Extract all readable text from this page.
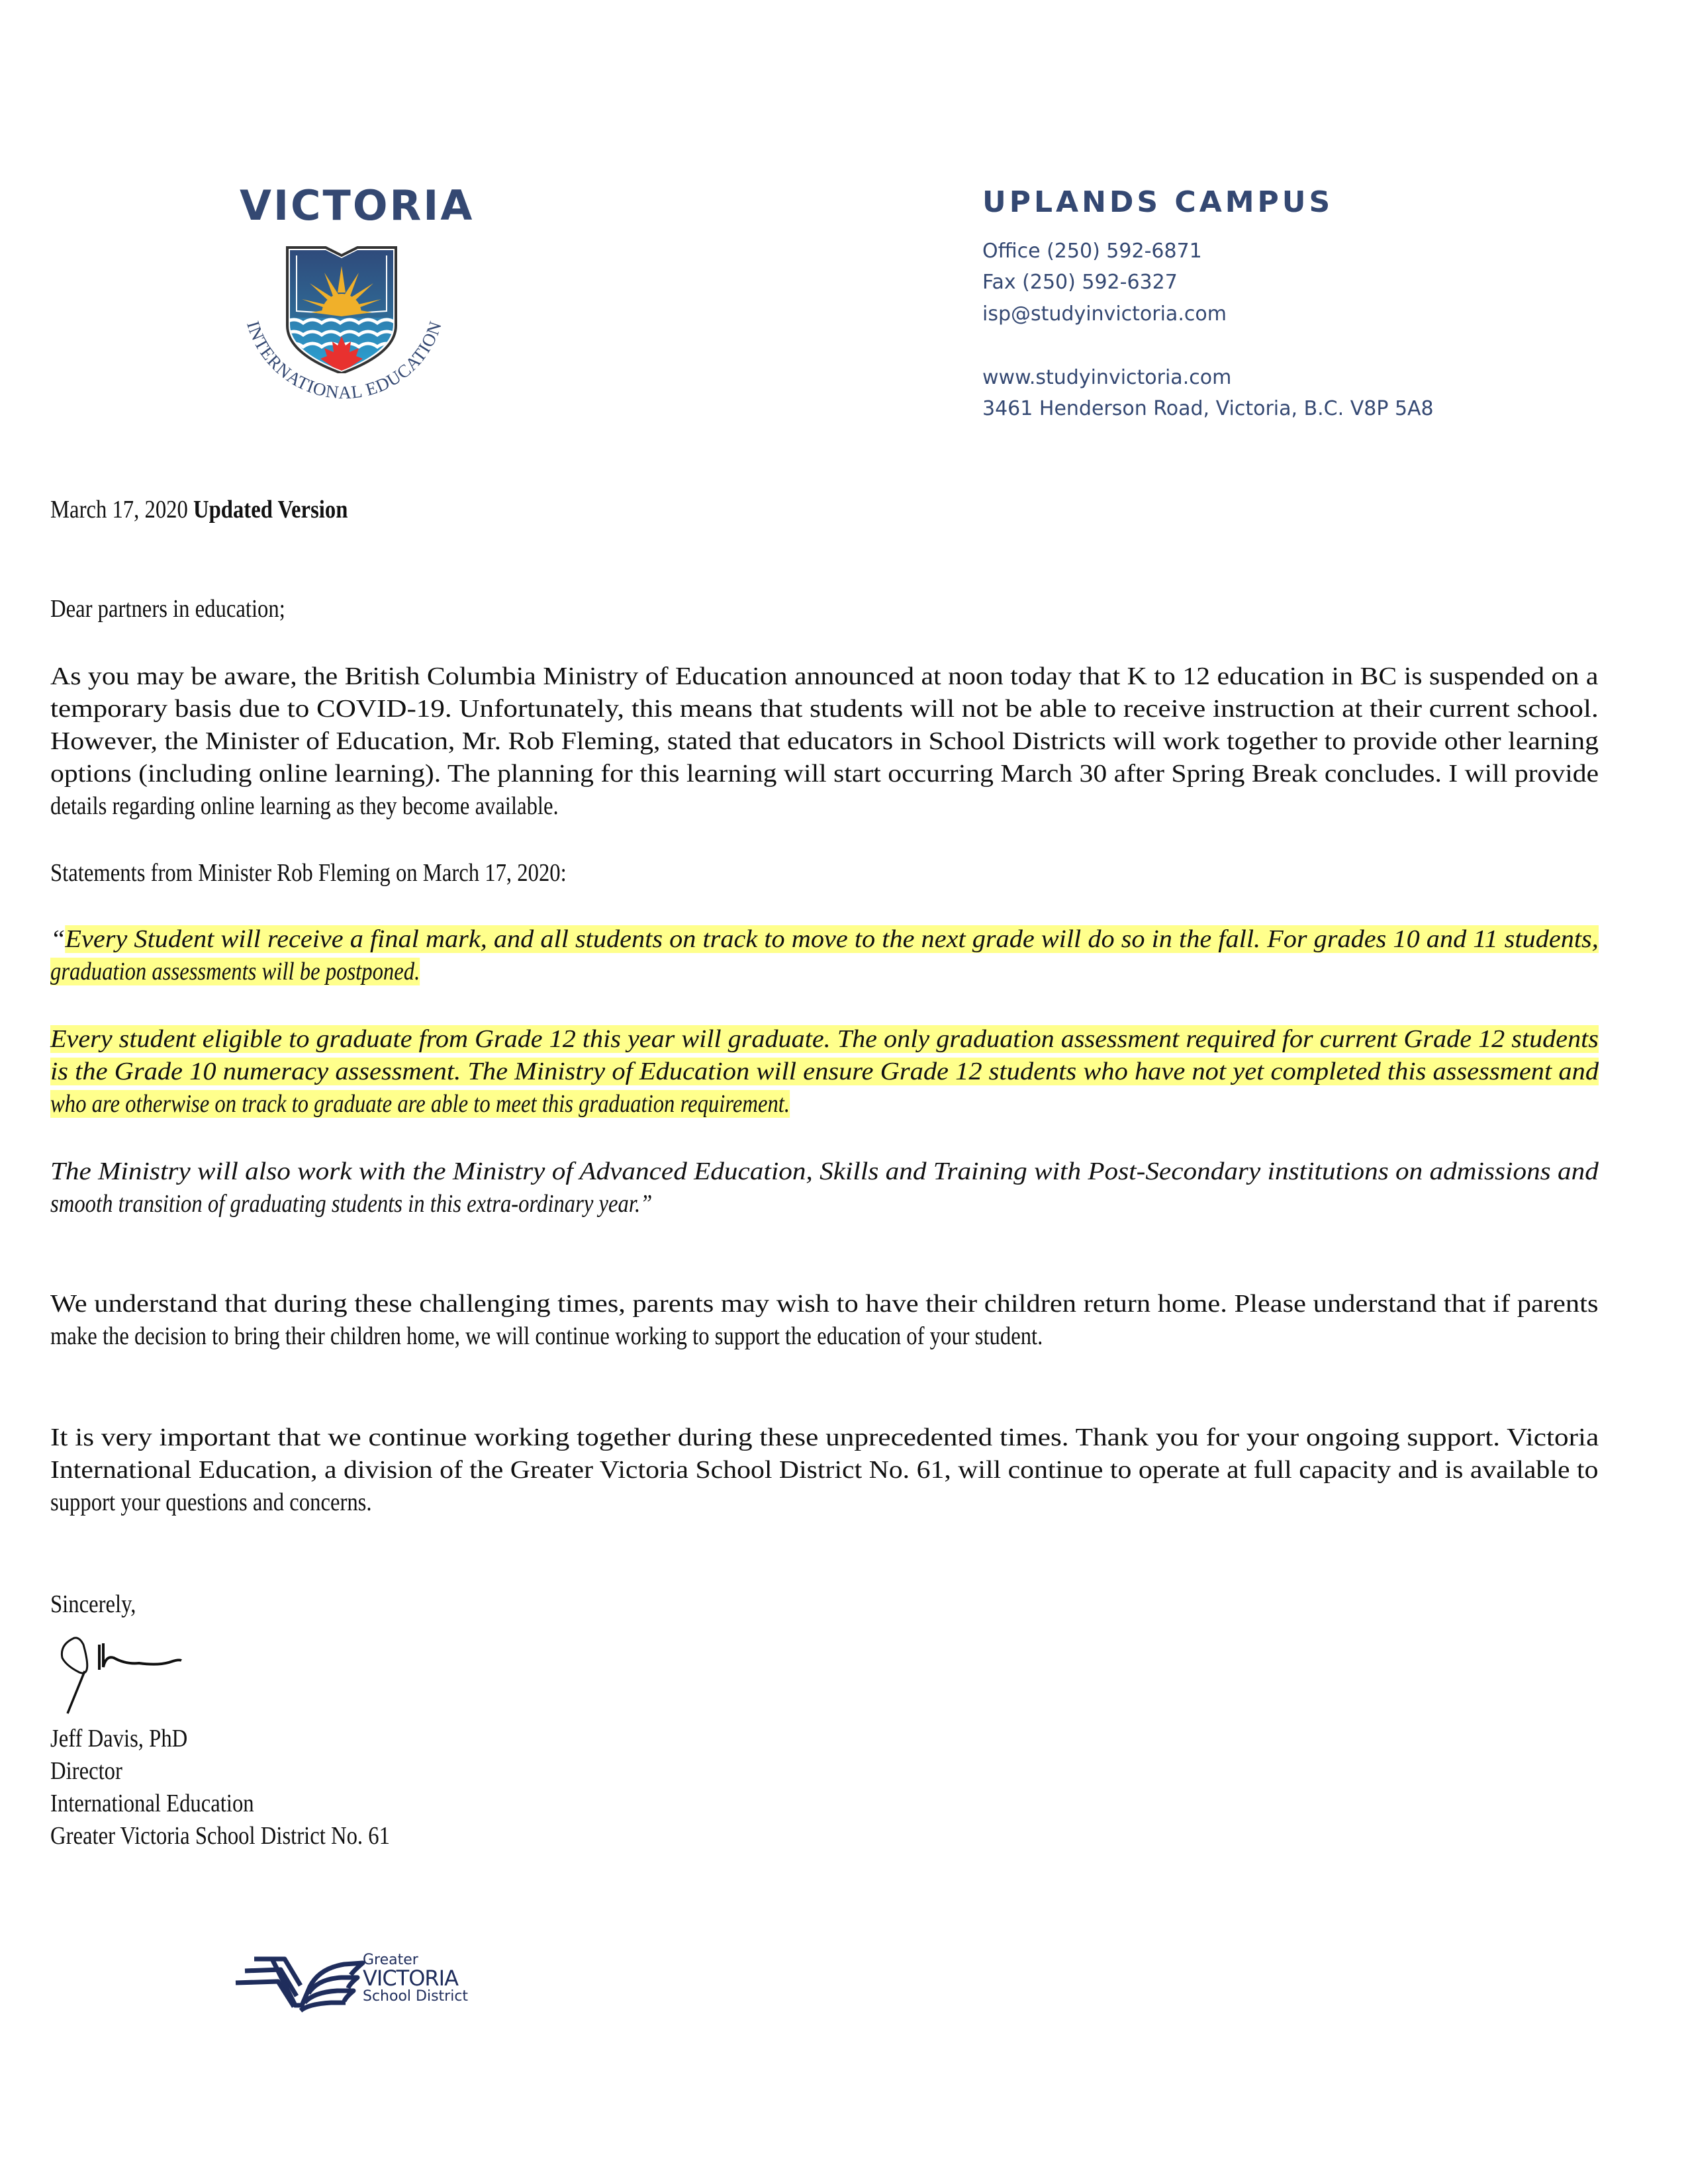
VICTORIA
INTERNATIONAL EDUCATION
UPLANDS CAMPUS
Office (250) 592-6871
Fax (250) 592-6327
isp@studyinvictoria.com
www.studyinvictoria.com
3461 Henderson Road, Victoria, B.C. V8P 5A8
March 17, 2020 Updated Version
Dear partners in education;
As you may be aware, the British Columbia Ministry of Education announced at noon today that K to 12 education in BC is suspended on a
temporary basis due to COVID-19. Unfortunately, this means that students will not be able to receive instruction at their current school.
However, the Minister of Education, Mr. Rob Fleming, stated that educators in School Districts will work together to provide other learning
options (including online learning). The planning for this learning will start occurring March 30 after Spring Break concludes. I will provide
details regarding online learning as they become available.
Statements from Minister Rob Fleming on March 17, 2020:
“Every Student will receive a final mark, and all students on track to move to the next grade will do so in the fall. For grades 10 and 11 students,
graduation assessments will be postponed.
Every student eligible to graduate from Grade 12 this year will graduate. The only graduation assessment required for current Grade 12 students
is the Grade 10 numeracy assessment. The Ministry of Education will ensure Grade 12 students who have not yet completed this assessment and
who are otherwise on track to graduate are able to meet this graduation requirement.
The Ministry will also work with the Ministry of Advanced Education, Skills and Training with Post-Secondary institutions on admissions and
smooth transition of graduating students in this extra-ordinary year.”
We understand that during these challenging times, parents may wish to have their children return home. Please understand that if parents
make the decision to bring their children home, we will continue working to support the education of your student.
It is very important that we continue working together during these unprecedented times. Thank you for your ongoing support. Victoria
International Education, a division of the Greater Victoria School District No. 61, will continue to operate at full capacity and is available to
support your questions and concerns.
Sincerely,
Jeff Davis, PhD
Director
International Education
Greater Victoria School District No. 61
Greater
VICTORIA
School District
